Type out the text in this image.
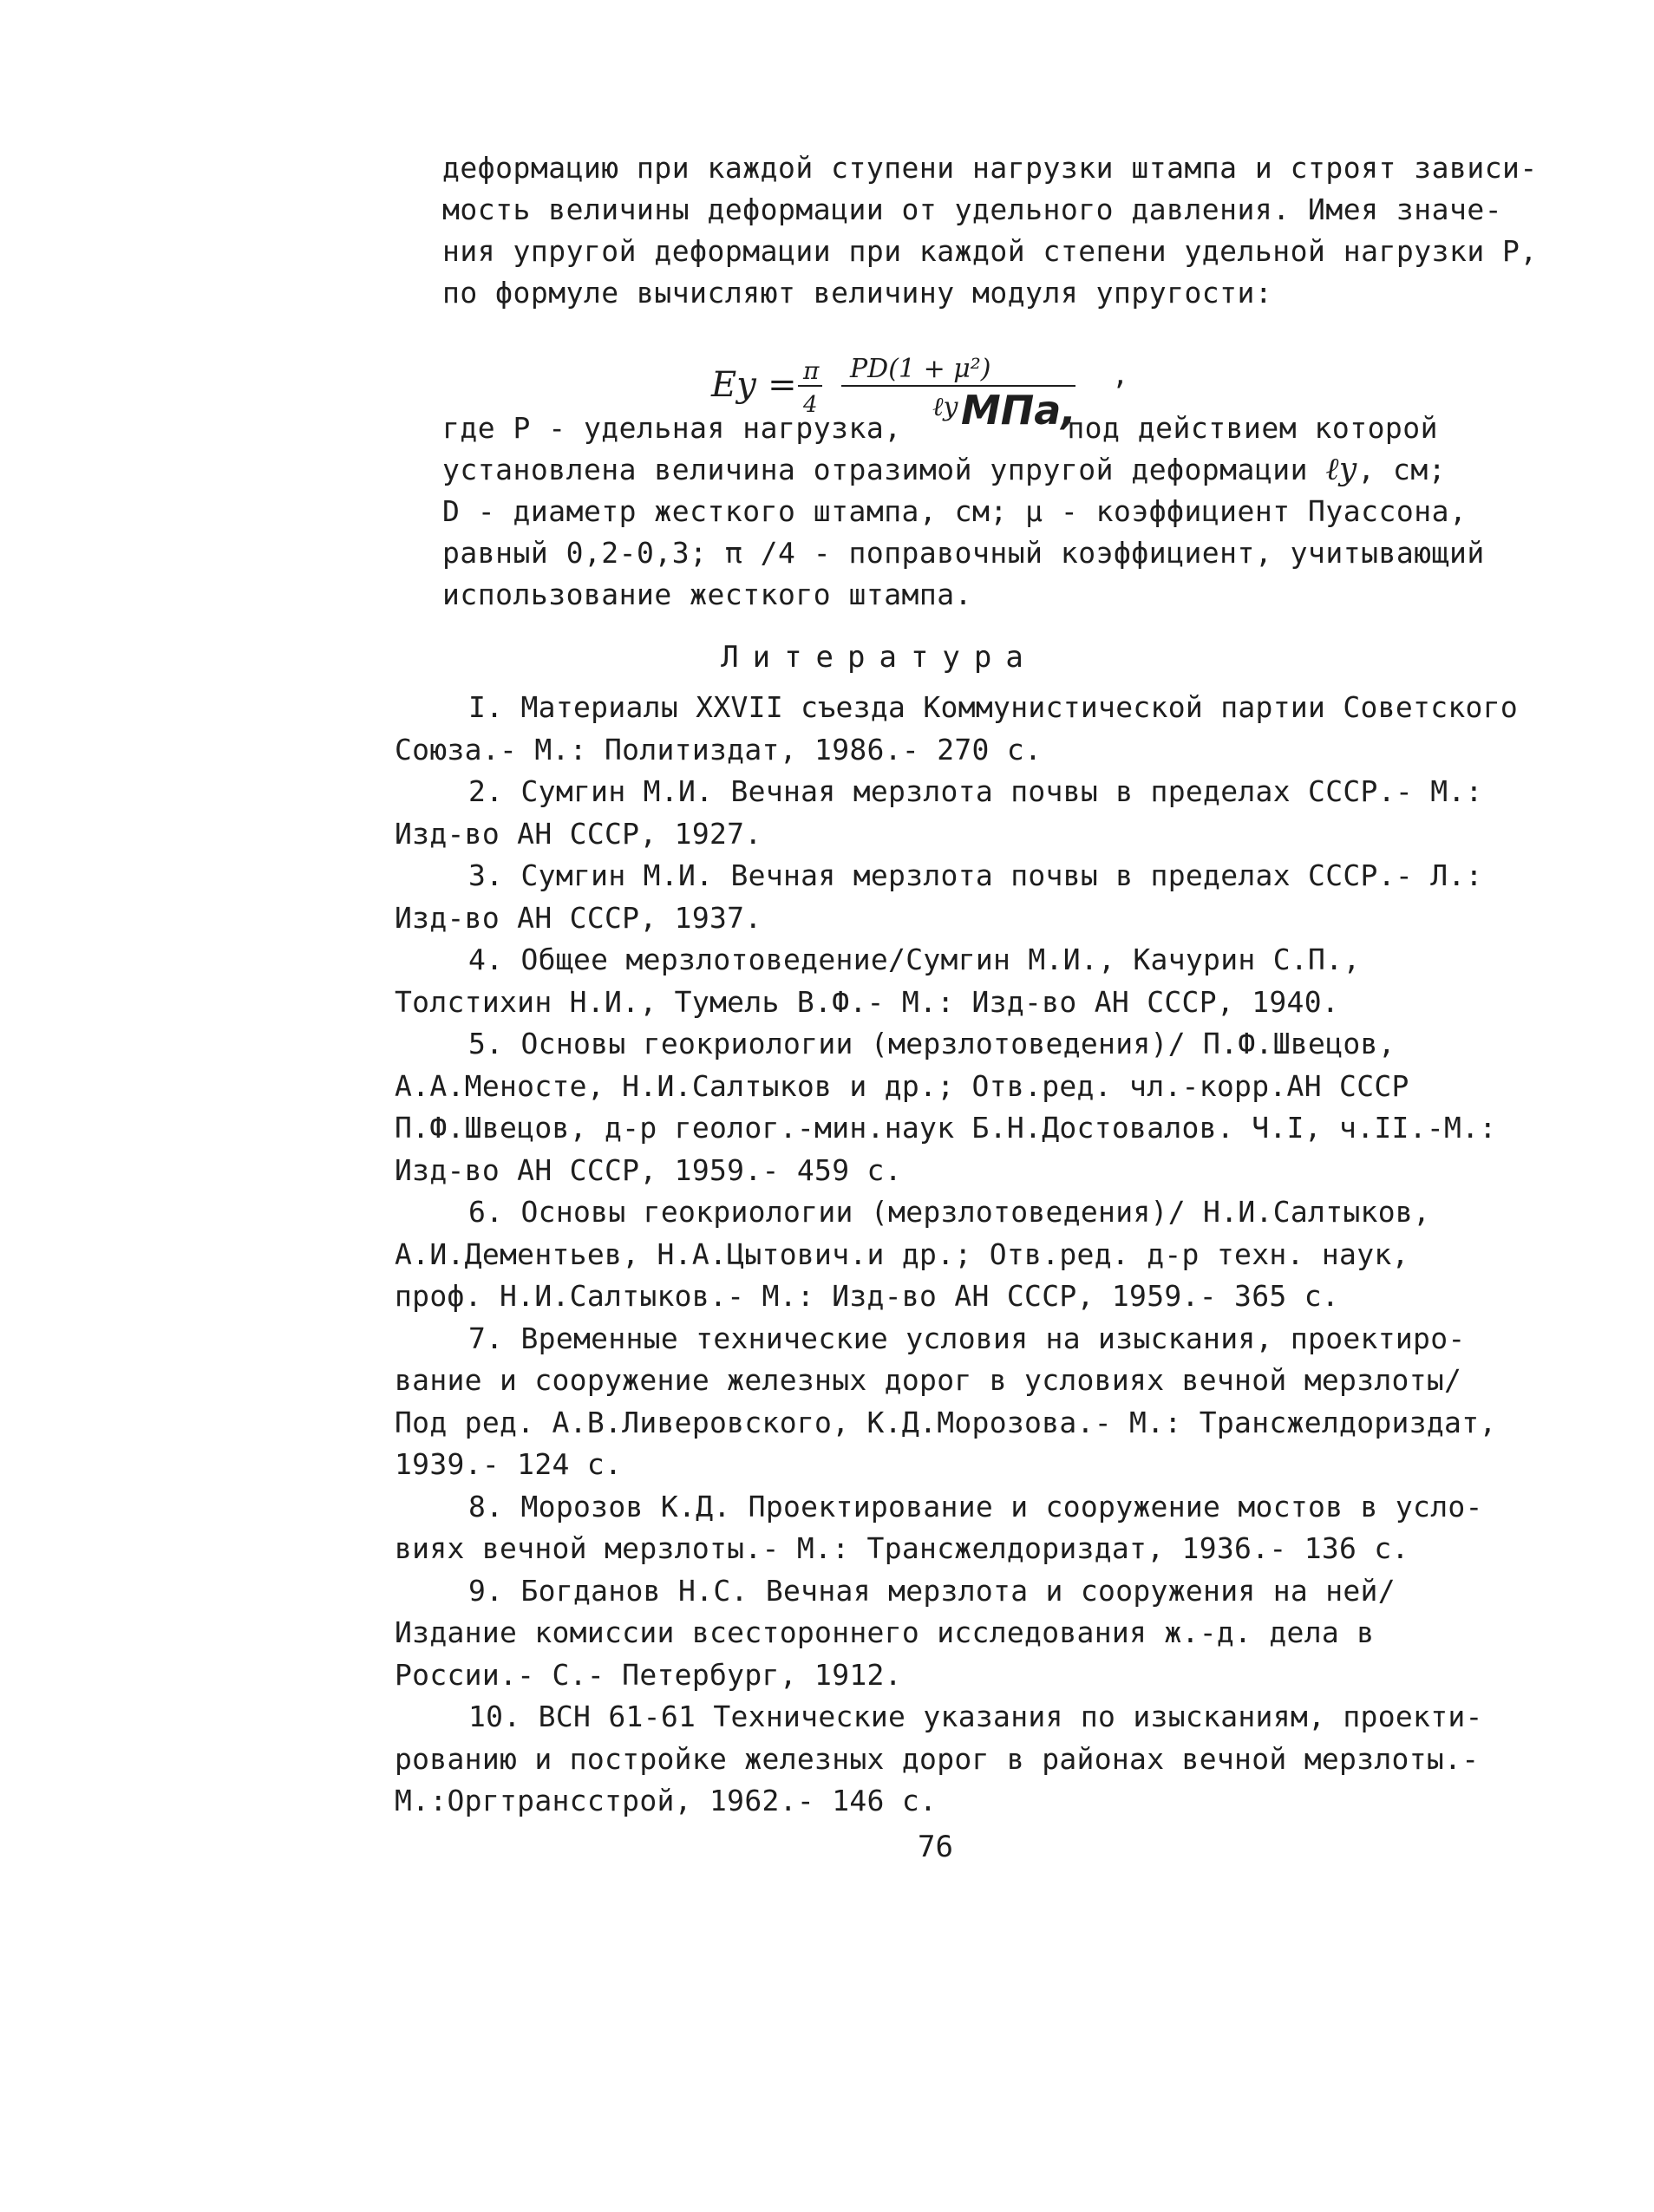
деформацию при каждой ступени нагрузки штампа и строят зависи-
мость величины деформации от удельного давления. Имея значе-
ния упругой деформации при каждой степени удельной нагрузки Р,
по формуле вычисляют величину модуля упругости:
Eу = π
4
PD(1 + μ²)
ℓу
,
где Р - удельная нагрузка,	под действием которой
установлена величина отразимой упругой деформации ℓу, см;
D - диаметр жесткого штампа, см; μ - коэффициент Пуассона,
равный 0,2-0,3; π /4 - поправочный коэффициент, учитывающий
использование жесткого штампа.
МПа,
Литература
I. Материалы XXVII съезда Коммунистической партии Советского
Союза.- М.: Политиздат, 1986.- 270 с.
2. Сумгин М.И. Вечная мерзлота почвы в пределах СССР.- М.:
Изд-во АН СССР, 1927.
3. Сумгин М.И. Вечная мерзлота почвы в пределах СССР.- Л.:
Изд-во АН СССР, 1937.
4. Общее мерзлотоведение/Сумгин М.И., Качурин С.П.,
Толстихин Н.И., Тумель В.Ф.- М.: Изд-во АН СССР, 1940.
5. Основы геокриологии (мерзлотоведения)/ П.Ф.Швецов,
А.А.Меносте, Н.И.Салтыков и др.; Отв.ред. чл.-корр.АН СССР
П.Ф.Швецов, д-р геолог.-мин.наук Б.Н.Достовалов. Ч.I, ч.II.-М.:
Изд-во АН СССР, 1959.- 459 с.
6. Основы геокриологии (мерзлотоведения)/ Н.И.Салтыков,
А.И.Дементьев, Н.А.Цытович.и др.; Отв.ред. д-р техн. наук,
проф. Н.И.Салтыков.- М.: Изд-во АН СССР, 1959.- 365 с.
7. Временные технические условия на изыскания, проектиро-
вание и сооружение железных дорог в условиях вечной мерзлоты/
Под ред. А.В.Ливеровского, К.Д.Морозова.- М.: Трансжелдориздат,
1939.- 124 с.
8. Морозов К.Д. Проектирование и сооружение мостов в усло-
виях вечной мерзлоты.- М.: Трансжелдориздат, 1936.- 136 с.
9. Богданов Н.С. Вечная мерзлота и сооружения на ней/
Издание комиссии всестороннего исследования ж.-д. дела в
России.- С.- Петербург, 1912.
10. ВСН 61-61 Технические указания по изысканиям, проекти-
рованию и постройке железных дорог в районах вечной мерзлоты.-
М.:Оргтрансстрой, 1962.- 146 с.
76
